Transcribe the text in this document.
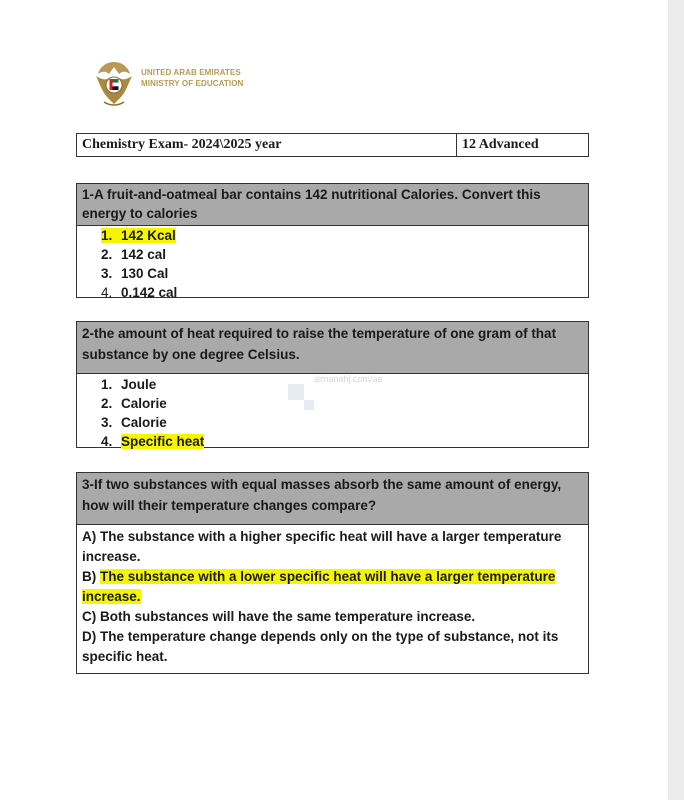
UNITED ARAB EMIRATES
MINISTRY OF EDUCATION
Chemistry Exam- 2024\2025 year	12 Advanced
1-A fruit-and-oatmeal bar contains 142 nutritional Calories. Convert this energy to calories
1. 142 Kcal
2. 142 cal
3. 130 Cal
4. 0.142 cal
2-the amount of heat required to raise the temperature of one gram of that substance by one degree Celsius.
1. Joule
2. Calorie
3. Calorie
4. Specific heat
3-If two substances with equal masses absorb the same amount of energy, how will their temperature changes compare?
A) The substance with a higher specific heat will have a larger temperature increase.
B) The substance with a lower specific heat will have a larger temperature increase.
C) Both substances will have the same temperature increase.
D) The temperature change depends only on the type of substance, not its specific heat.
almanahj.com/ae
